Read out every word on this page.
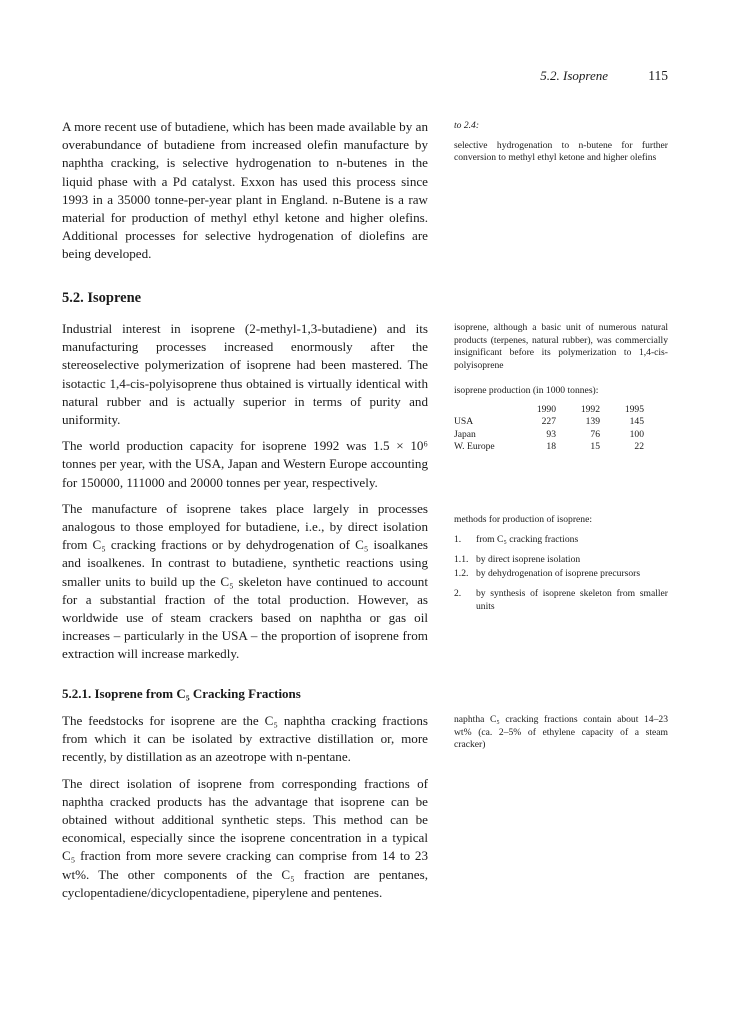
5.2. Isoprene	115

A more recent use of butadiene, which has been made available by an overabundance of butadiene from increased olefin manufacture by naphtha cracking, is selective hydrogenation to n-butenes in the liquid phase with a Pd catalyst. Exxon has used this process since 1993 in a 35000 tonne-per-year plant in England. n-Butene is a raw material for production of methyl ethyl ketone and higher olefins. Additional processes for selective hydrogenation of diolefins are being developed.

to 2.4:

selective hydrogenation to n-butene for further conversion to methyl ethyl ketone and higher olefins

5.2. Isoprene

Industrial interest in isoprene (2-methyl-1,3-butadiene) and its manufacturing processes increased enormously after the stereoselective polymerization of isoprene had been mastered. The isotactic 1,4-cis-polyisoprene thus obtained is virtually identical with natural rubber and is actually superior in terms of purity and uniformity.

The world production capacity for isoprene 1992 was 1.5 × 10⁶ tonnes per year, with the USA, Japan and Western Europe accounting for 150000, 111000 and 20000 tonnes per year, respectively.

The manufacture of isoprene takes place largely in processes analogous to those employed for butadiene, i.e., by direct isolation from C₅ cracking fractions or by dehydrogenation of C₅ isoalkanes and isoalkenes. In contrast to butadiene, synthetic reactions using smaller units to build up the C₅ skeleton have continued to account for a substantial fraction of the total production. However, as worldwide use of steam crackers based on naphtha or gas oil increases – particularly in the USA – the proportion of isoprene from extraction will increase markedly.

isoprene, although a basic unit of numerous natural products (terpenes, natural rubber), was commercially insignificant before its polymerization to 1,4-cis-polyisoprene

isoprene production (in 1000 tonnes):

	1990	1992	1995
USA	227	139	145
Japan	93	76	100
W. Europe	18	15	22

methods for production of isoprene:

1.	from C₅ cracking fractions
1.1. by direct isoprene isolation
1.2. by dehydrogenation of isoprene precursors
2.	by synthesis of isoprene skeleton from smaller units
5.2.1. Isoprene from C₅ Cracking Fractions

The feedstocks for isoprene are the C₅ naphtha cracking fractions from which it can be isolated by extractive distillation or, more recently, by distillation as an azeotrope with n-pentane.

The direct isolation of isoprene from corresponding fractions of naphtha cracked products has the advantage that isoprene can be obtained without additional synthetic steps. This method can be economical, especially since the isoprene concentration in a typical C₅ fraction from more severe cracking can comprise from 14 to 23 wt%. The other components of the C₅ fraction are pentanes, cyclopentadiene/dicyclopentadiene, piperylene and pentenes.

naphtha C₅ cracking fractions contain about 14–23 wt% (ca. 2–5% of ethylene capacity of a steam cracker)
